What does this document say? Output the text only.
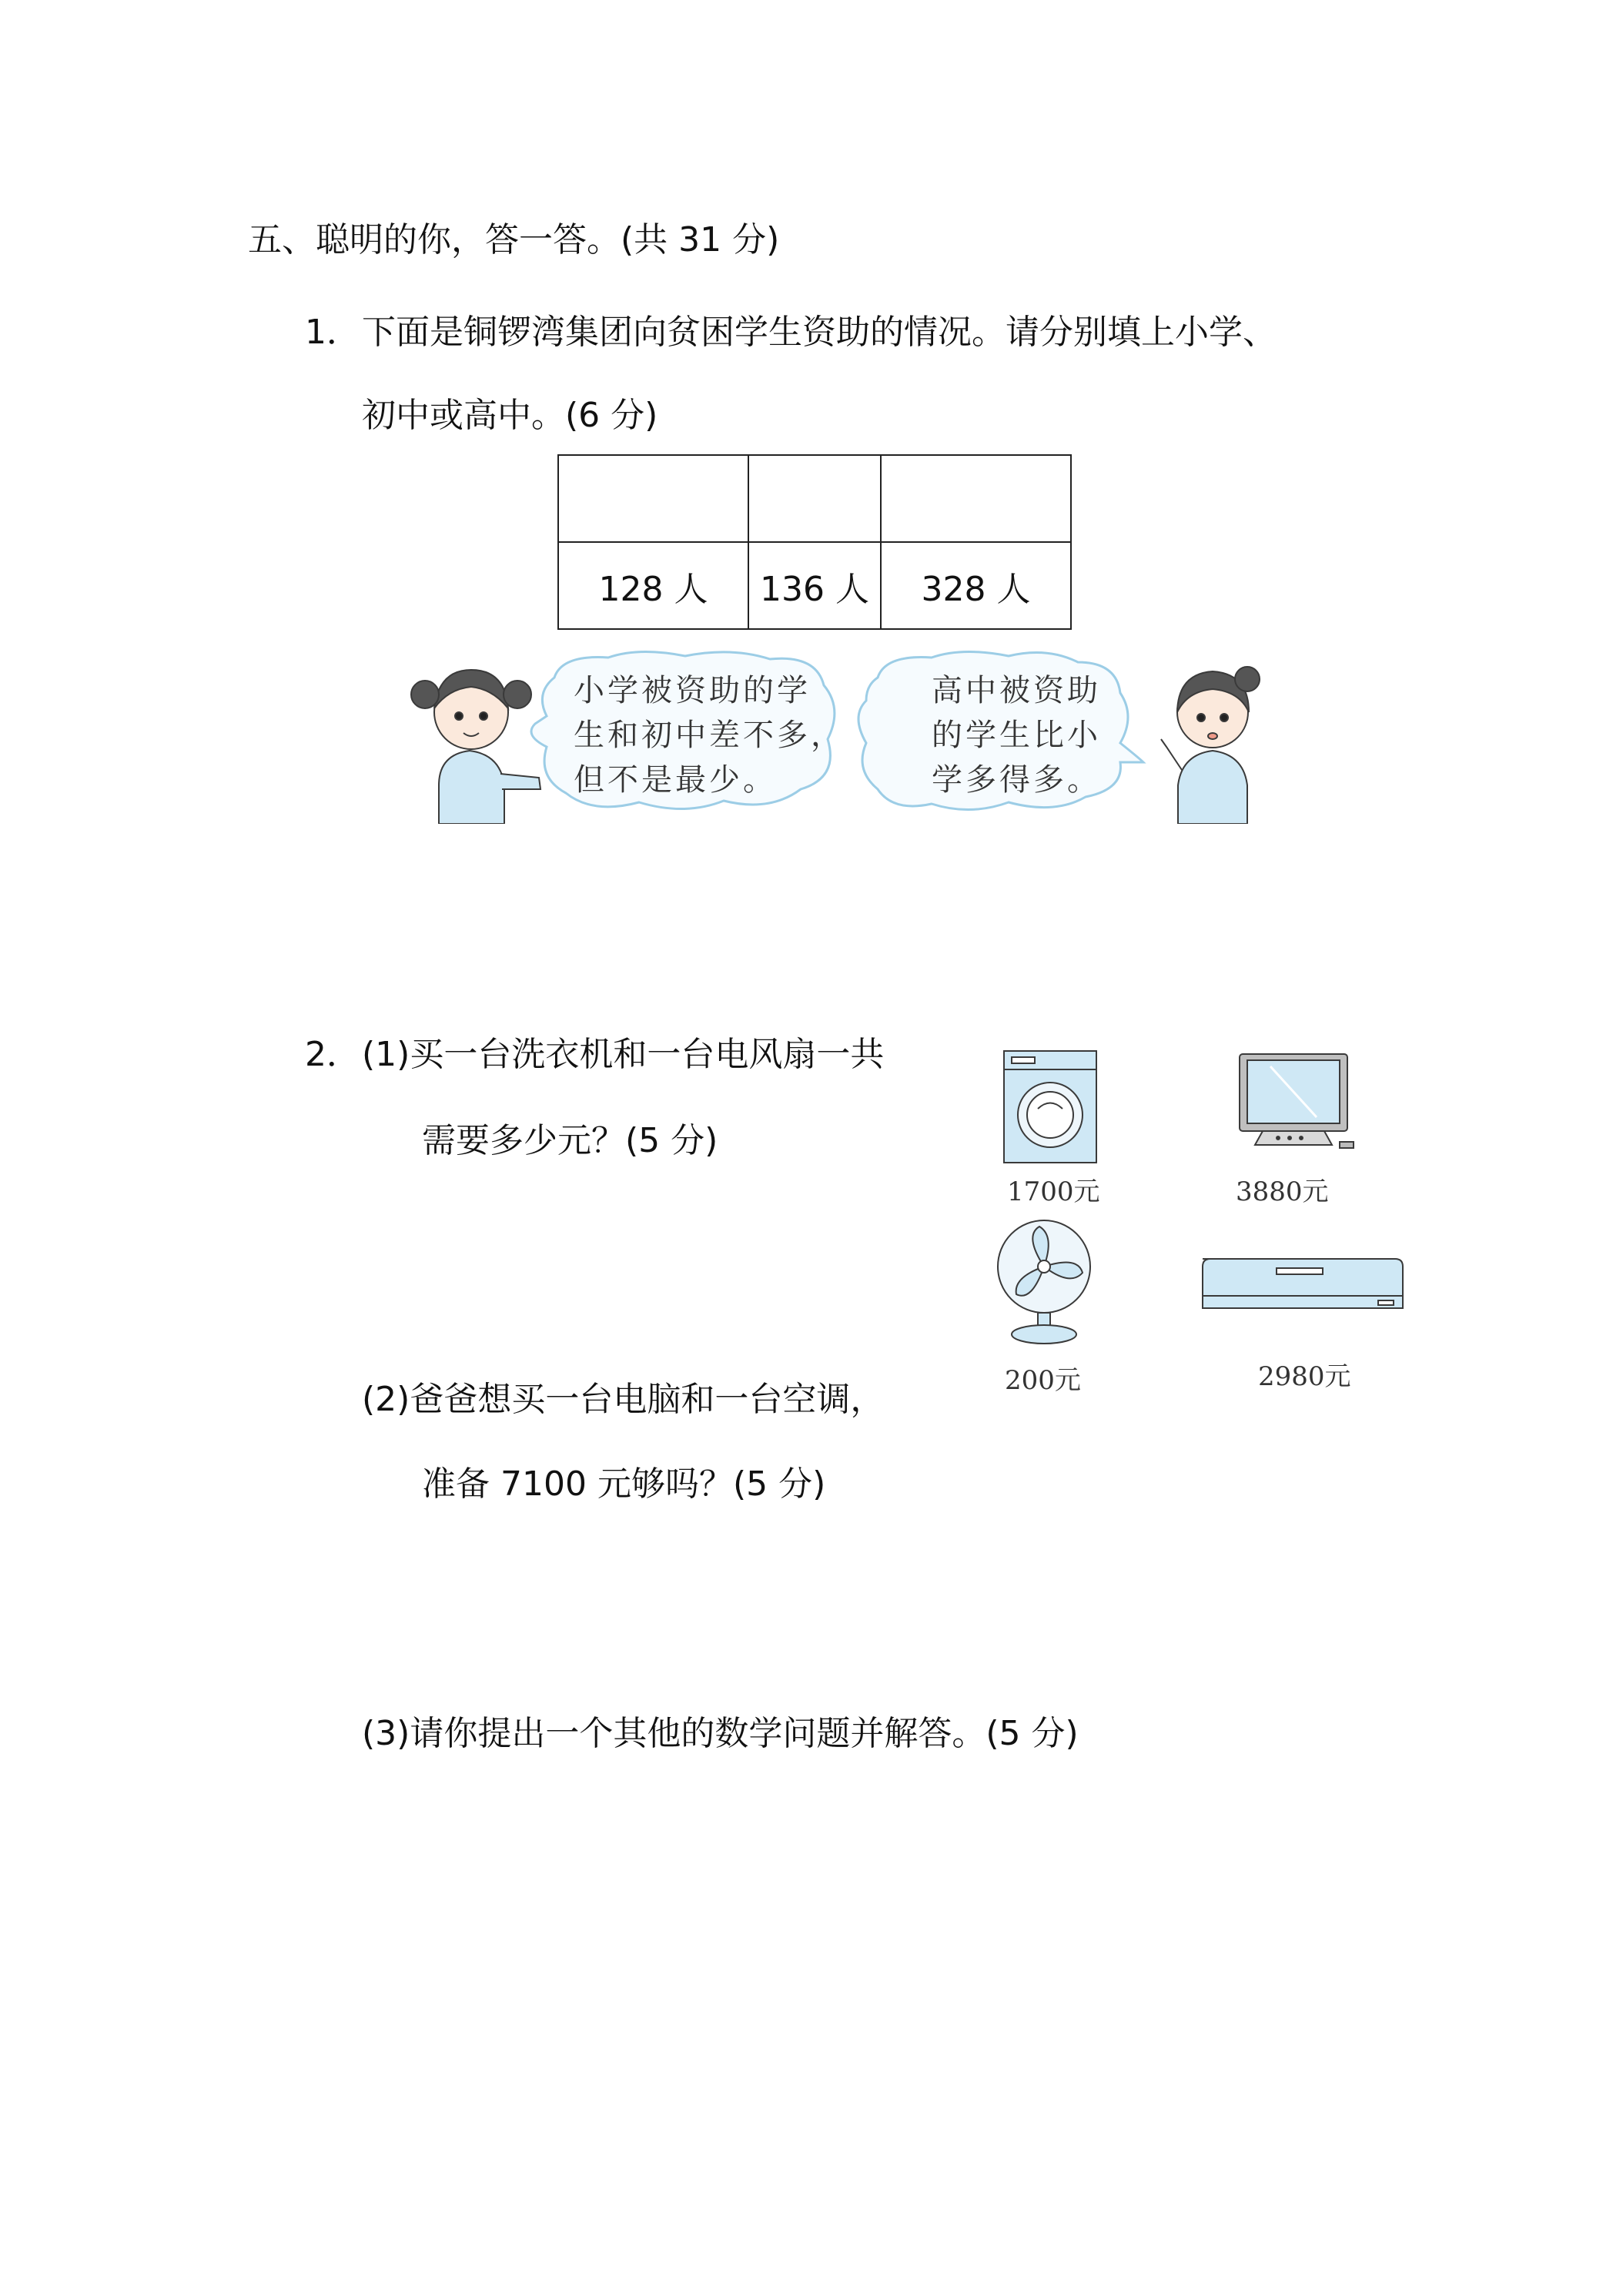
五、聪明的你，答一答。(共 31 分)
1． 下面是铜锣湾集团向贫困学生资助的情况。请分别填上小学、
初中或高中。(6 分)

128 人	136 人	328 人
小学被资助的学
生和初中差不多，
但不是最少。
高中被资助
的学生比小
学多得多。
2． (1)买一台洗衣机和一台电风扇一共
需要多少元？(5 分)
(2)爸爸想买一台电脑和一台空调，
准备 7100 元够吗？(5 分)
(3)请你提出一个其他的数学问题并解答。(5 分)
1700元	3880元
200元	2980元
